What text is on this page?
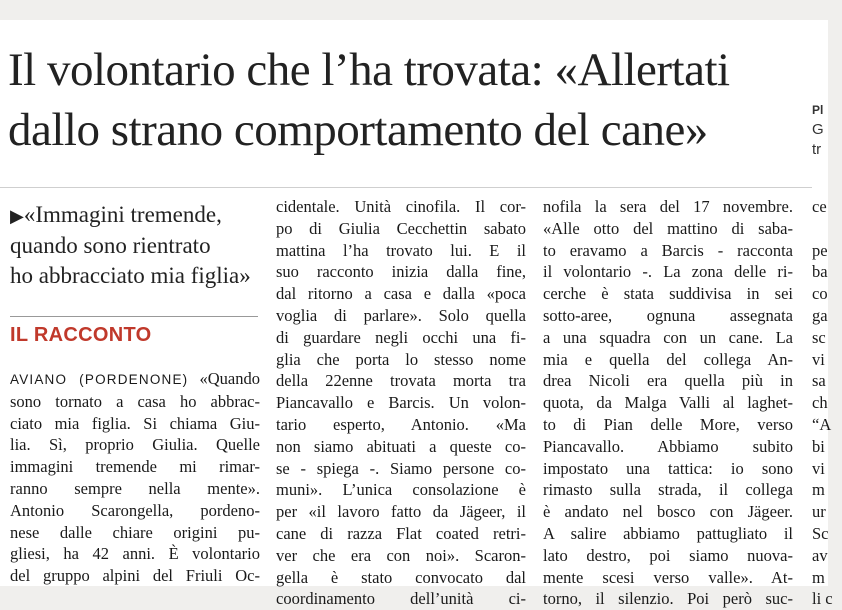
Il volontario che l’ha trovata: «Allertati
dallo strano comportamento del cane»	Pl
G
tr
▶«Immagini tremende,
quando sono rientrato
ho abbracciato mia figlia»
IL RACCONTO
AVIANO (PORDENONE) «Quando
sono tornato a casa ho abbrac-
ciato mia figlia. Si chiama Giu-
lia. Sì, proprio Giulia. Quelle
immagini tremende mi rimar-
ranno sempre nella mente».
Antonio Scarongella, pordeno-
nese dalle chiare origini pu-
gliesi, ha 42 anni. È volontario
del gruppo alpini del Friuli Oc-
cidentale. Unità cinofila. Il cor-
po di Giulia Cecchettin sabato
mattina l’ha trovato lui. E il
suo racconto inizia dalla fine,
dal ritorno a casa e dalla «poca
voglia di parlare». Solo quella
di guardare negli occhi una fi-
glia che porta lo stesso nome
della 22enne trovata morta tra
Piancavallo e Barcis. Un volon-
tario esperto, Antonio. «Ma
non siamo abituati a queste co-
se - spiega -. Siamo persone co-
muni». L’unica consolazione è
per «il lavoro fatto da Jägeer, il
cane di razza Flat coated retri-
ver che era con noi». Scaron-
gella è stato convocato dal
coordinamento dell’unità ci-
nofila la sera del 17 novembre.
«Alle otto del mattino di saba-
to eravamo a Barcis - racconta
il volontario -. La zona delle ri-
cerche è stata suddivisa in sei
sotto-aree, ognuna assegnata
a una squadra con un cane. La
mia e quella del collega An-
drea Nicoli era quella più in
quota, da Malga Valli al laghet-
to di Pian delle More, verso
Piancavallo. Abbiamo subito
impostato una tattica: io sono
rimasto sulla strada, il collega
è andato nel bosco con Jägeer.
A salire abbiamo pattugliato il
lato destro, poi siamo nuova-
mente scesi verso valle». At-
torno, il silenzio. Poi però suc-
ce
pe
ba
co
ga
sc
vi
sa
ch
“A
bi
vi
m
ur
Sc
av
m
li c
